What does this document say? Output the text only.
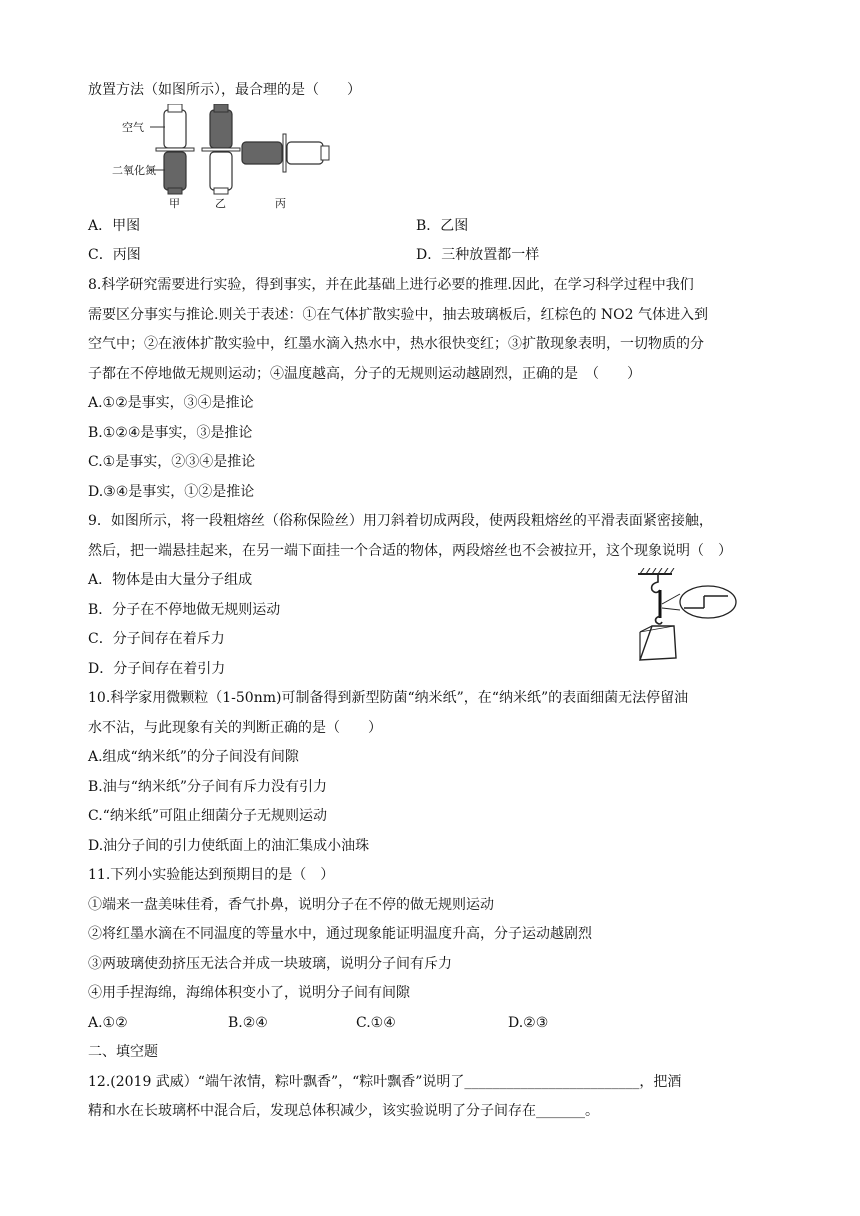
放置方法（如图所示），最合理的是（　　）
空气
二氧化氮
甲	乙	丙
A．甲图	B．乙图
C．丙图	D．三种放置都一样
8.科学研究需要进行实验，得到事实，并在此基础上进行必要的推理.因此，在学习科学过程中我们
需要区分事实与推论.则关于表述：①在气体扩散实验中，抽去玻璃板后，红棕色的 NO2 气体进入到
空气中；②在液体扩散实验中，红墨水滴入热水中，热水很快变红；③扩散现象表明，一切物质的分
子都在不停地做无规则运动；④温度越高，分子的无规则运动越剧烈，正确的是　（　　）
A.①②是事实，③④是推论
B.①②④是事实，③是推论
C.①是事实，②③④是推论
D.③④是事实，①②是推论
9．如图所示，将一段粗熔丝（俗称保险丝）用刀斜着切成两段，使两段粗熔丝的平滑表面紧密接触，
然后，把一端悬挂起来，在另一端下面挂一个合适的物体，两段熔丝也不会被拉开，这个现象说明（　）
A．物体是由大量分子组成
B．分子在不停地做无规则运动
C．分子间存在着斥力
D．分子间存在着引力
10.科学家用微颗粒（1-50nm)可制备得到新型防菌“纳米纸”，在“纳米纸”的表面细菌无法停留油
水不沾，与此现象有关的判断正确的是（　　）
A.组成“纳米纸”的分子间没有间隙
B.油与“纳米纸”分子间有斥力没有引力
C.“纳米纸”可阻止细菌分子无规则运动
D.油分子间的引力使纸面上的油汇集成小油珠
11.下列小实验能达到预期目的是（　）
①端来一盘美味佳肴，香气扑鼻，说明分子在不停的做无规则运动
②将红墨水滴在不同温度的等量水中，通过现象能证明温度升高，分子运动越剧烈
③两玻璃使劲挤压无法合并成一块玻璃，说明分子间有斥力
④用手捏海绵，海绵体积变小了，说明分子间有间隙
A.①②	B.②④	C.①④	D.②③
二、填空题
12.(2019 武威）“端午浓情，粽叶飘香”，“粽叶飘香”说明了_________________________，把酒
精和水在长玻璃杯中混合后，发现总体积减少，该实验说明了分子间存在_______。
